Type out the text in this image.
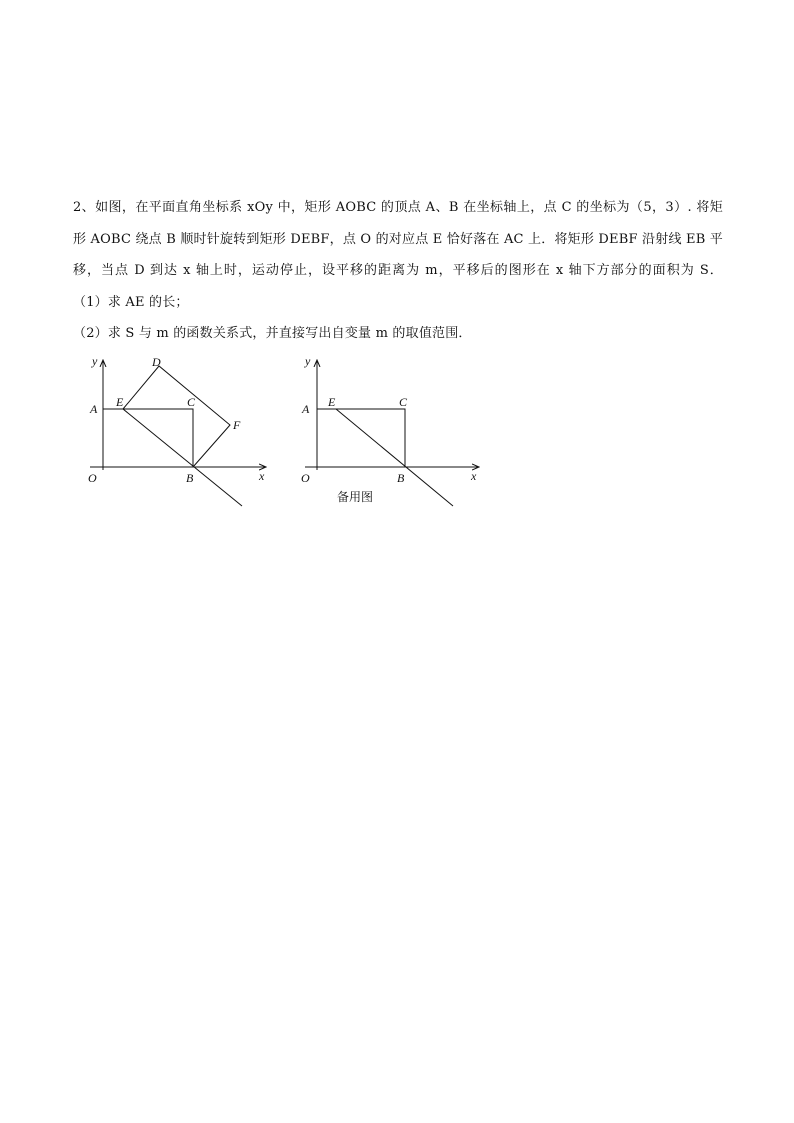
2、如图，在平面直角坐标系 xOy 中，矩形 AOBC 的顶点 A、B 在坐标轴上，点 C 的坐标为（5，3）. 将矩

形 AOBC 绕点 B 顺时针旋转到矩形 DEBF，点 O 的对应点 E 恰好落在 AC 上．将矩形 DEBF 沿射线 EB 平

移，当点 D 到达 x 轴上时，运动停止，设平移的距离为 m，平移后的图形在 x 轴下方部分的面积为 S．

（1）求 AE 的长；

（2）求 S 与 m 的函数关系式，并直接写出自变量 m 的取值范围．

y
x
O
A E	C
D
F
B
y
x
O
A E	C
B
备用图
